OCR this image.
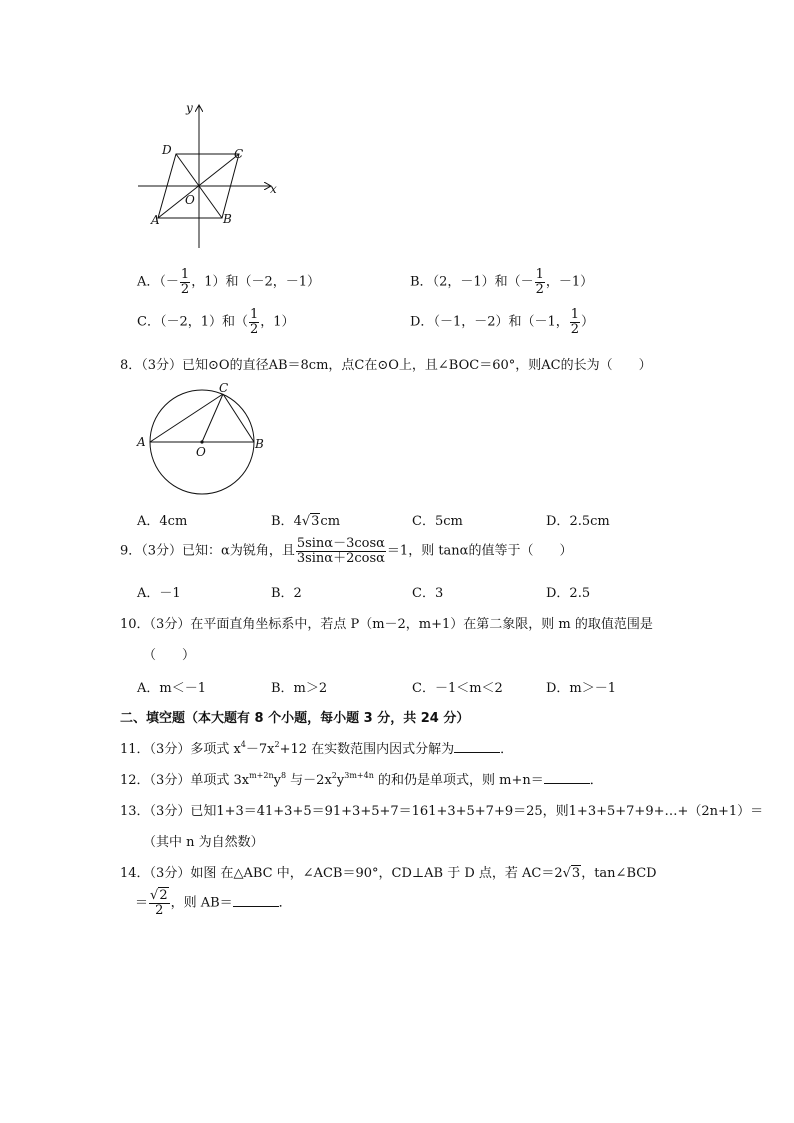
y
x
D	C
O
A	B
A．（－ $\frac{1}{2}$ ，1）和（－2，－1）	B．（2，－1）和（－ $\frac{1}{2}$ ，－1）
C．（－2，1）和（ $\frac{1}{2}$ ，1）	D．（－1，－2）和（－1， $\frac{1}{2}$ ）
8．（3分）已知⊙O的直径AB＝8cm，点C在⊙O上，且∠BOC＝60°，则AC的长为（　　）
C
A
O
B
A．4cm	B．4√3cm	C．5cm	D．2.5cm
9．（3分）已知：α为锐角，且 $\frac{5\sin\alpha-3\cos\alpha}{3\sin\alpha+2\cos\alpha} =1$，则 tanα的值等于（　　）
A．－1	B．2	C．3	D．2.5
10．（3分）在平面直角坐标系中，若点 P（m－2，m+1）在第二象限，则 m 的取值范围是
（　　）
A．m＜－1	B．m＞2	C．－1＜m＜2	D．m＞－1
二、填空题（本大题有 8 个小题，每小题 3 分，共 24 分）
11．（3分）多项式 $x^4-7x^2+12$ 在实数范围内因式分解为	．
12．（3分）单项式 $3x^{m+2n}y^8$ 与$-2x^2y^{3m+4n}$ 的和仍是单项式，则 m+n＝	．
13．（3分）已知1+3＝41+3+5＝91+3+5+7＝161+3+5+7+9＝25，则1+3+5+7+9+…+（2n+1）＝
（其中 n 为自然数）
14．（3分）如图 在△ABC 中，∠ACB＝90°，CD⊥AB 于 D 点，若 AC＝2√3，tan∠BCD
＝ $\frac{√2}{2}$ ，则 AB＝	．
